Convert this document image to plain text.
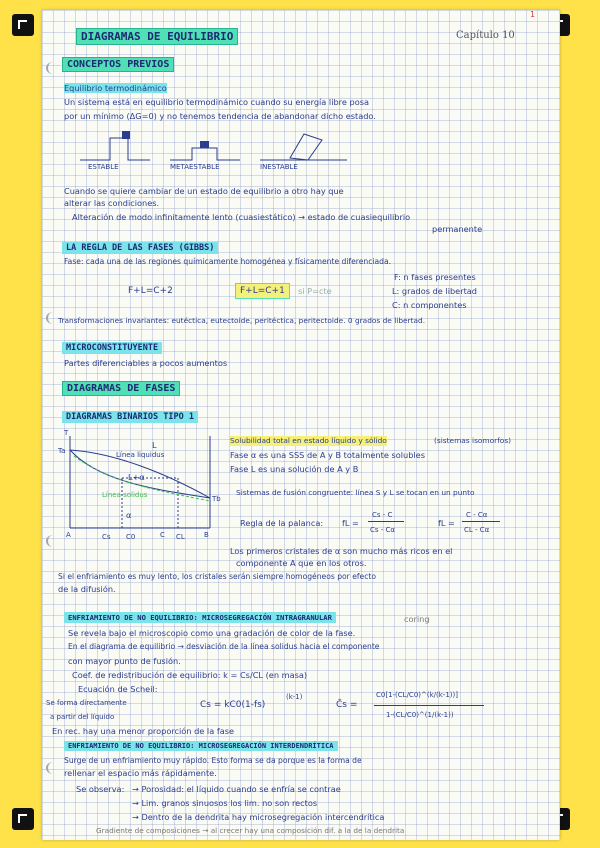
DIAGRAMAS DE EQUILIBRIO	Capítulo 10
1
CONCEPTOS PREVIOS
Equilibrio termodinámico
Un sistema está en equilibrio termodinámico cuando su energía libre posa
por un mínimo (ΔG=0) y no tenemos tendencia de abandonar dicho estado.
ESTABLE	METAESTABLE	INESTABLE
Cuando se quiere cambiar de un estado de equilibrio a otro hay que
alterar las condiciones.
Alteración de modo infinitamente lento (cuasiestático) → estado de cuasiequilibrio
permanente
LA REGLA DE LAS FASES (GIBBS)
Fase: cada una de las regiones químicamente homogénea y físicamente diferenciada.
F+L=C+2	F+L=C+1	si P=cte
F: n fases presentes
L: grados de libertad
C: n componentes
Transformaciones invariantes: eutéctica, eutectoide, peritéctica, peritectoide. 0 grados de libertad.
MICROCONSTITUYENTE
Partes diferenciables a pocos aumentos
DIAGRAMAS DE FASES
DIAGRAMAS BINARIOS TIPO 1
T
Ta
Tb
Línea liquidus
Línea solidus
L
L+α
α
A	Cs C0	C CL	B
Solubilidad total en estado líquido y sólido	(sistemas isomorfos)
Fase α es una SSS de A y B totalmente solubles
Fase L es una solución de A y B
Sistemas de fusión congruente: línea S y L se tocan en un punto
Regla de la palanca: fL =
Cs - C
Cs - Cα
fL =
C - Cα
CL - Cα
Los primeros cristales de α son mucho más ricos en el
componente A que en los otros.
Si el enfriamiento es muy lento, los cristales serán siempre homogéneos por efecto
de la difusión.
ENFRIAMIENTO DE NO EQUILIBRIO: MICROSEGREGACIÓN INTRAGRANULAR	coring
Se revela bajo el microscopio como una gradación de color de la fase.
En el diagrama de equilibrio → desviación de la línea solidus hacia el componente
con mayor punto de fusión.
Coef. de redistribución de equilibrio: k = Cs/CL (en masa)
Ecuación de Scheil:
Se forma directamente
a partir del líquido
Cs = kC0(1-fs)
(k-1)
C̄s =
C0[1-(CL/C0)^(k/(k-1))]
1-(CL/C0)^(1/(k-1))
En rec. hay una menor proporción de la fase
ENFRIAMIENTO DE NO EQUILIBRIO: MICROSEGREGACIÓN INTERDENDRÍTICA
Surge de un enfriamiento muy rápido. Esto forma se da porque es la forma de
rellenar el espacio más rápidamente.
Se observa: → Porosidad: el líquido cuando se enfría se contrae
→ Lim. granos sinuosos los lim. no son rectos
→ Dentro de la dendrita hay microsegregación intercendrítica
Gradiente de composiciones → al crecer hay una composición dif. a la de la dendrita
